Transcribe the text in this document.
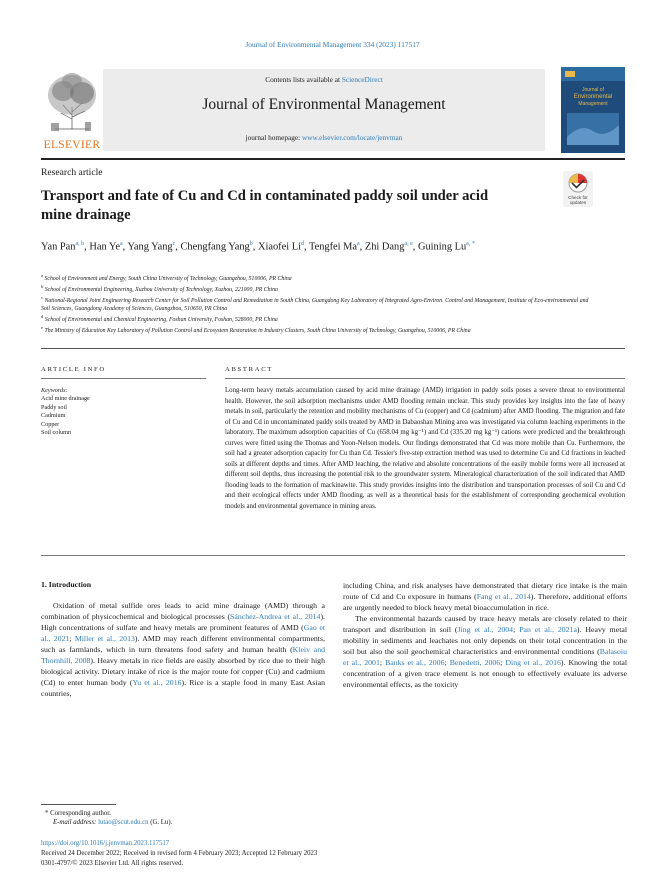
Journal of Environmental Management 334 (2023) 117517
ELSEVIER
Contents lists available at ScienceDirect
Journal of Environmental Management
journal homepage: www.elsevier.com/locate/jenvman
Journal of
Environmental
Management
Research article
Transport and fate of Cu and Cd in contaminated paddy soil under acid mine drainage
Check for
updates
Yan Pan$^{a, b}$, Han Ye$^a$, Yang Yang$^c$, Chengfang Yang$^b$, Xiaofei Li$^d$, Tengfei Ma$^a$, Zhi Dang$^{a, e}$, Guining $Lu^{a, *}$

$^a$ School of Environment and Energy, South China University of Technology, Guangzhou, 510006, PR China

$^b$ School of Environmental Engineering, Xuzhou University of Technology, Xuzhou, 221000, PR China

$^c$ National-Regional Joint Engineering Research Center for Soil Pollution Control and Remediation in South China, Guangdong Key Laboratory of Integrated Agro-Environ. Control and Management, Institute of Eco-environmental and Soil Sciences, Guangdong Academy of Sciences, Guangzhou, 510650, PR China

$^d$ School of Environmental and Chemical Engineering, Foshan University, Foshan, 528000, PR China

$^e$ The Ministry of Education Key Laboratory of Pollution Control and Ecosystem Restoration in Industry Clusters, South China University of Technology, Guangzhou, 510006, PR China

ARTICLE INFO	ABSTRACT
Keywords:
Acid mine drainage
Paddy soil
Cadmium
Copper
Soil column
Long-term heavy metals accumulation caused by acid mine drainage (AMD) irrigation in paddy soils poses a severe threat to environmental health. However, the soil adsorption mechanisms under AMD flooding remain unclear. This study provides key insights into the fate of heavy metals in soil, particularly the retention and mobility mechanisms of Cu (copper) and Cd (cadmium) after AMD flooding. The migration and fate of Cu and Cd in uncontaminated paddy soils treated by AMD in Dabaoshan Mining area was investigated via column leaching experiments in the laboratory. The maximum adsorption capacities of Cu (658.04 mg kg⁻¹) and Cd (335.20 mg kg⁻¹) cations were predicted and the breakthrough curves were fitted using the Thomas and Yoon-Nelson models. Our findings demonstrated that Cd was more mobile than Cu. Furthermore, the soil had a greater adsorption capacity for Cu than Cd. Tessier's five-step extraction method was used to determine Cu and Cd fractions in leached soils at different depths and times. After AMD leaching, the relative and absolute concentrations of the easily mobile forms were all increased at different soil depths, thus increasing the potential risk to the groundwater system. Mineralogical characterization of the soil indicated that AMD flooding leads to the formation of mackinawite. This study provides insights into the distribution and transportation processes of soil Cu and Cd and their ecological effects under AMD flooding, as well as a theoretical basis for the establishment of corresponding geochemical evolution models and environmental governance in mining areas.
1. Introduction

Oxidation of metal sulfide ores leads to acid mine drainage (AMD) through a combination of physicochemical and biological processes (Sánchez-Andrea et al., 2014). High concentrations of sulfate and heavy metals are prominent features of AMD (Gao et al., 2021; Miller et al., 2013). AMD may reach different environmental compartments, such as farmlands, which in turn threatens food safety and human health (Kleiv and Thornhill, 2008). Heavy metals in rice fields are easily absorbed by rice due to their high biological activity. Dietary intake of rice is the major route for copper (Cu) and cadmium (Cd) to enter human body (Yu et al., 2016). Rice is a staple food in many East Asian countries,

including China, and risk analyses have demonstrated that dietary rice intake is the main route of Cd and Cu exposure in humans (Fang et al., 2014). Therefore, additional efforts are urgently needed to block heavy metal bioaccumulation in rice.

The environmental hazards caused by trace heavy metals are closely related to their transport and distribution in soil (Jing et al., 2004; Pan et al., 2021a). Heavy metal mobility in sediments and leachates not only depends on their total concentration in the soil but also the soil geochemical characteristics and environmental conditions (Balasoiu et al., 2001; Banks et al., 2006; Benedetti, 2006; Ding et al., 2016). Knowing the total concentration of a given trace element is not enough to effectively evaluate its adverse environmental effects, as the toxicity

* Corresponding author.
E-mail address: lutao@scut.edu.cn (G. Lu).
https://doi.org/10.1016/j.jenvman.2023.117517
Received 24 December 2022; Received in revised form 4 February 2023; Accepted 12 February 2023
0301-4797/© 2023 Elsevier Ltd. All rights reserved.
